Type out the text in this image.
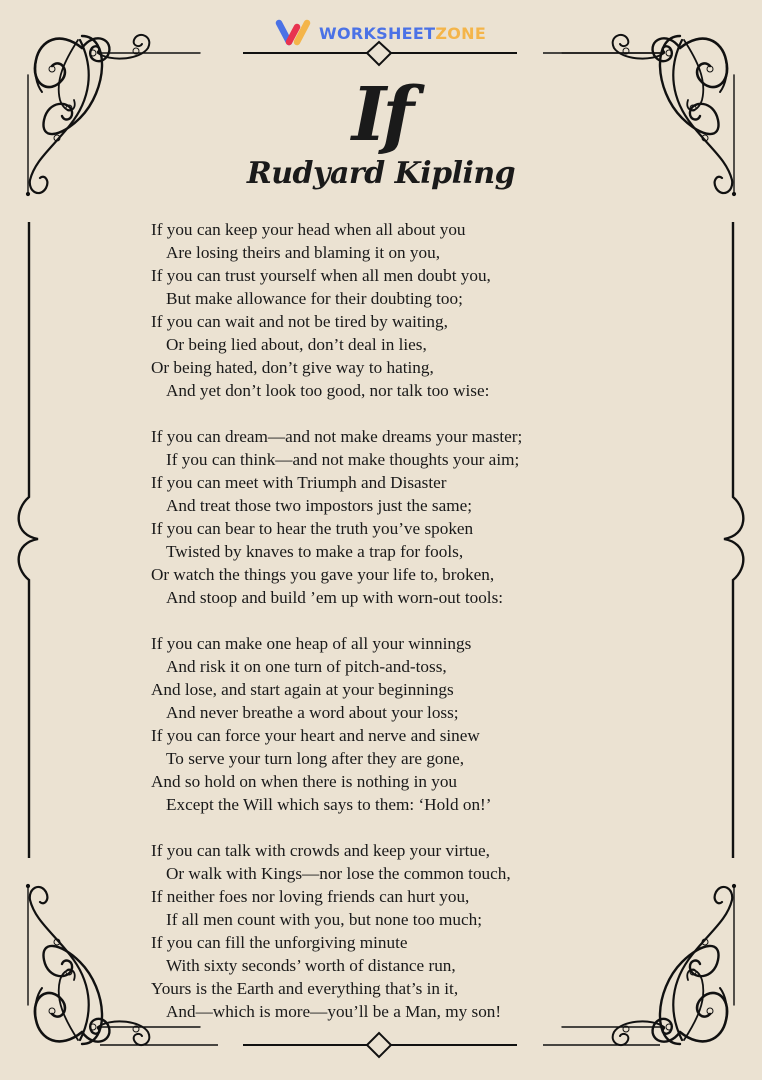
WORKSHEETZONE
If
Rudyard Kipling
If you can keep your head when all about you
Are losing theirs and blaming it on you,
If you can trust yourself when all men doubt you,
But make allowance for their doubting too;
If you can wait and not be tired by waiting,
Or being lied about, don’t deal in lies,
Or being hated, don’t give way to hating,
And yet don’t look too good, nor talk too wise:
If you can dream—and not make dreams your master;
If you can think—and not make thoughts your aim;
If you can meet with Triumph and Disaster
And treat those two impostors just the same;
If you can bear to hear the truth you’ve spoken
Twisted by knaves to make a trap for fools,
Or watch the things you gave your life to, broken,
And stoop and build ’em up with worn-out tools:
If you can make one heap of all your winnings
And risk it on one turn of pitch-and-toss,
And lose, and start again at your beginnings
And never breathe a word about your loss;
If you can force your heart and nerve and sinew
To serve your turn long after they are gone,
And so hold on when there is nothing in you
Except the Will which says to them: ‘Hold on!’
If you can talk with crowds and keep your virtue,
Or walk with Kings—nor lose the common touch,
If neither foes nor loving friends can hurt you,
If all men count with you, but none too much;
If you can fill the unforgiving minute
With sixty seconds’ worth of distance run,
Yours is the Earth and everything that’s in it,
And—which is more—you’ll be a Man, my son!
